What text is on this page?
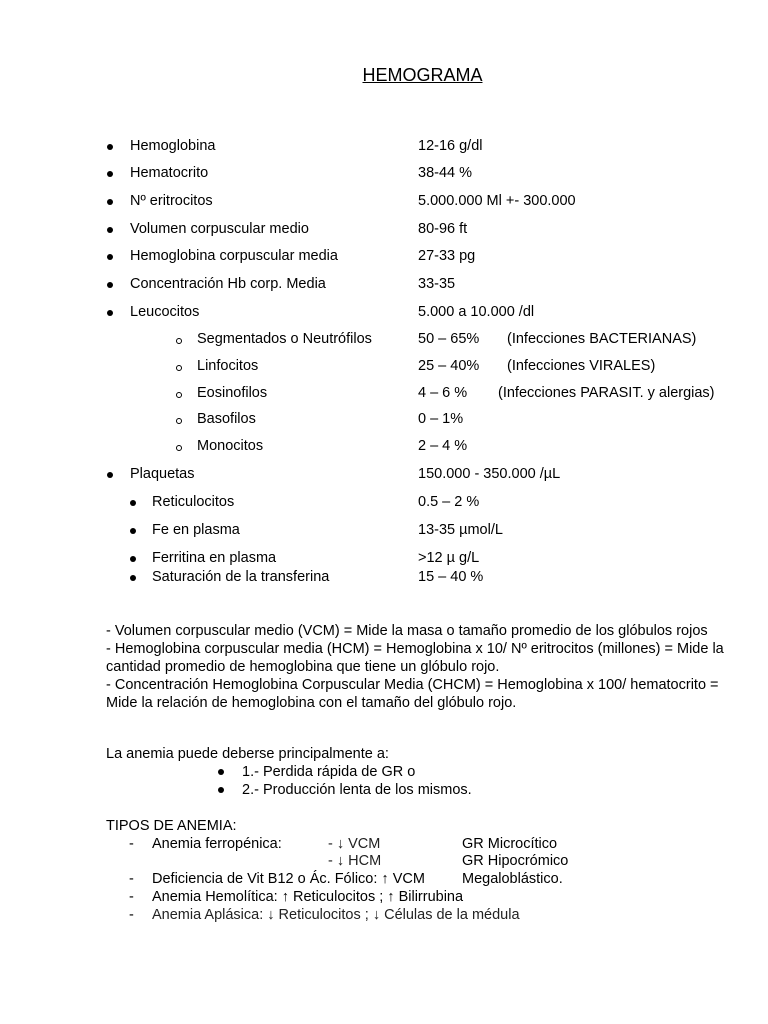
HEMOGRAMA
Hemoglobina	12-16 g/dl
Hematocrito	38-44 %
Nº eritrocitos	5.000.000 Ml +- 300.000
Volumen corpuscular medio	80-96 ft
Hemoglobina corpuscular media	27-33 pg
Concentración Hb corp. Media	33-35
Leucocitos	5.000 a 10.000 /dl
Segmentados o Neutrófilos	50 – 65% (Infecciones BACTERIANAS)
Linfocitos	25 – 40% (Infecciones VIRALES)
Eosinofilos	4 – 6 % (Infecciones PARASIT. y alergias)
Basofilos	0 – 1%
Monocitos	2 – 4 %
Plaquetas	150.000 - 350.000 /µL
Reticulocitos	0.5 – 2 %
Fe en plasma	13-35 µmol/L
Ferritina en plasma	>12 µ g/L
Saturación de la transferina	15 – 40 %
- Volumen corpuscular medio (VCM) = Mide la masa o tamaño promedio de los glóbulos rojos
- Hemoglobina corpuscular media (HCM) = Hemoglobina x 10/ Nº eritrocitos (millones) = Mide la cantidad promedio de hemoglobina que tiene un glóbulo rojo.
- Concentración Hemoglobina Corpuscular Media (CHCM) = Hemoglobina x 100/ hematocrito = Mide la relación de hemoglobina con el tamaño del glóbulo rojo.
La anemia puede deberse principalmente a:
1.- Perdida rápida de GR o
2.- Producción lenta de los mismos.
TIPOS DE ANEMIA:
- Anemia ferropénica:	- ↓ VCM	GR Microcítico
- ↓ HCM	GR Hipocrómico
- Deficiencia de Vit B12 o Ác. Fólico: ↑ VCM	Megaloblástico.
- Anemia Hemolítica: ↑ Reticulocitos ; ↑ Bilirrubina
- Anemia Aplásica: ↓ Reticulocitos ; ↓ Células de la médula
